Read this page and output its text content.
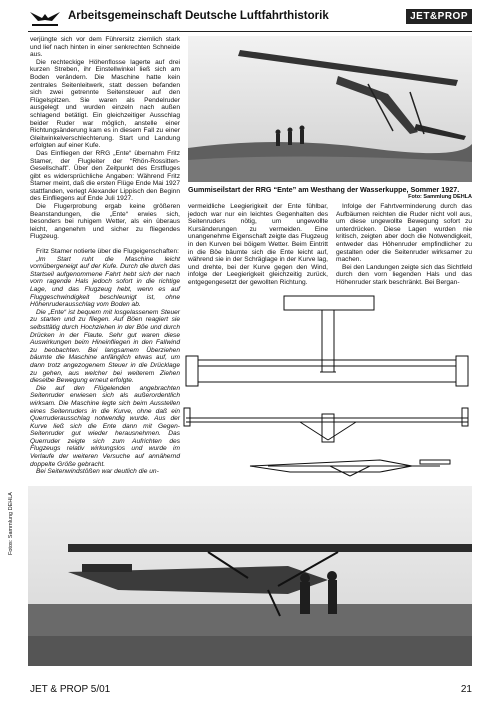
Arbeitsgemeinschaft Deutsche Luftfahrthistorik	JET&PROP

verjüngte sich vor dem Führersitz ziemlich stark und lief nach hinten in einer senkrechten Schneide aus.

Die rechteckige Höhenflosse lagerte auf drei kurzen Streben, ihr Einstellwinkel ließ sich am Boden verändern. Die Maschine hatte kein zentrales Seitenleitwerk, statt dessen befanden sich zwei getrennte Seitensteuer auf den Flügelspitzen. Sie waren als Pendelruder ausgelegt und wurden einzeln nach außen schlagend betätigt. Ein gleichzeitiger Ausschlag beider Ruder war möglich, anstelle einer Richtungsänderung kam es in diesem Fall zu einer Gleitwinkelverschlechterung. Start und Landung erfolgten auf einer Kufe.

Das Einfliegen der RRG „Ente“ übernahm Fritz Stamer, der Flugleiter der “Rhön-Rossitten-Gesellschaft”. Über den Zeitpunkt des Erstfluges gibt es widersprüchliche Angaben: Während Fritz Stamer meint, daß die ersten Flüge Ende Mai 1927 stattfanden, verlegt Alexander Lippisch den Beginn des Einfliegens auf Ende Juli 1927.

Die Flugerprobung ergab keine größeren Beanstandungen, die „Ente“ erwies sich, besonders bei ruhigem Wetter, als ein überaus leicht, angenehm und sicher zu fliegendes Flugzeug.

Fritz Stamer notierte über die Flugeigenschaften:

„Im Start ruht die Maschine leicht vornübergeneigt auf der Kufe. Durch die durch das Startseil aufgenommene Fahrt hebt sich der nach vorn ragende Hals jedoch sofort in die richtige Lage, und das Flugzeug hebt, wenn es auf Fluggeschwindigkeit beschleunigt ist, ohne Höhenruderausschlag vom Boden ab.

Die „Ente“ ist bequem mit losgelassenem Steuer zu starten und zu fliegen. Auf Böen reagiert sie selbsttätig durch Hochziehen in der Böe und durch Drücken in der Flaute. Sehr gut waren diese Auswirkungen beim Hineinfliegen in den Fallwind zu beobachten. Bei langsamem Überziehen bäumte die Maschine anfänglich etwas auf, um dann trotz angezogenem Steuer in die Drücklage zu gehen, aus welcher bei weiterem Ziehen dieselbe Bewegung erneut erfolgte.

Die auf den Flügelenden angebrachten Seitenruder erwiesen sich als außerordentlich wirksam. Die Maschine legte sich beim Ausstellen eines Seitenruders in die Kurve, ohne daß ein Querruderausschlag notwendig wurde. Aus der Kurve ließ sich die Ente dann mit Gegen-Seitenruder gut wieder herausnehmen. Das Querruder zeigte sich zum Aufrichten des Flugzeugs relativ wirkungslos und wurde im Verlaufe der weiteren Versuche auf annähernd doppelte Größe gebracht.

Bei Seitenwindstößen war deutlich die un-

Gummiseilstart der RRG “Ente” am Westhang der Wasserkuppe, Sommer 1927.
Foto: Sammlung DEHLA

vermeidliche Leegierigkeit der Ente fühlbar, jedoch war nur ein leichtes Gegenhalten des Seitenruders nötig, um ungewollte Kursänderungen zu vermeiden. Eine unangenehme Eigenschaft zeigte das Flugzeug in den Kurven bei böigem Wetter. Beim Eintritt in die Böe bäumte sich die Ente leicht auf, während sie in der Schräglage in der Kurve lag, und drehte, bei der Kurve gegen den Wind, infolge der Leegierigkeit gleichzeitig zurück, entgegengesetzt der gewollten Richtung.

Infolge der Fahrtverminderung durch das Aufbäumen reichten die Ruder nicht voll aus, um diese ungewollte Bewegung sofort zu unterdrücken. Diese Lagen wurden nie kritisch, zeigten aber doch die Notwendigkeit, entweder das Höhenruder empfindlicher zu gestalten oder die Seitenruder wirksamer zu machen.

Bei den Landungen zeigte sich das Sichtfeld durch den vorn liegenden Hals und das Höhenruder stark beschränkt. Bei Bergan-

Fotos: Sammlung DEHLA
JET & PROP 5/01	21
